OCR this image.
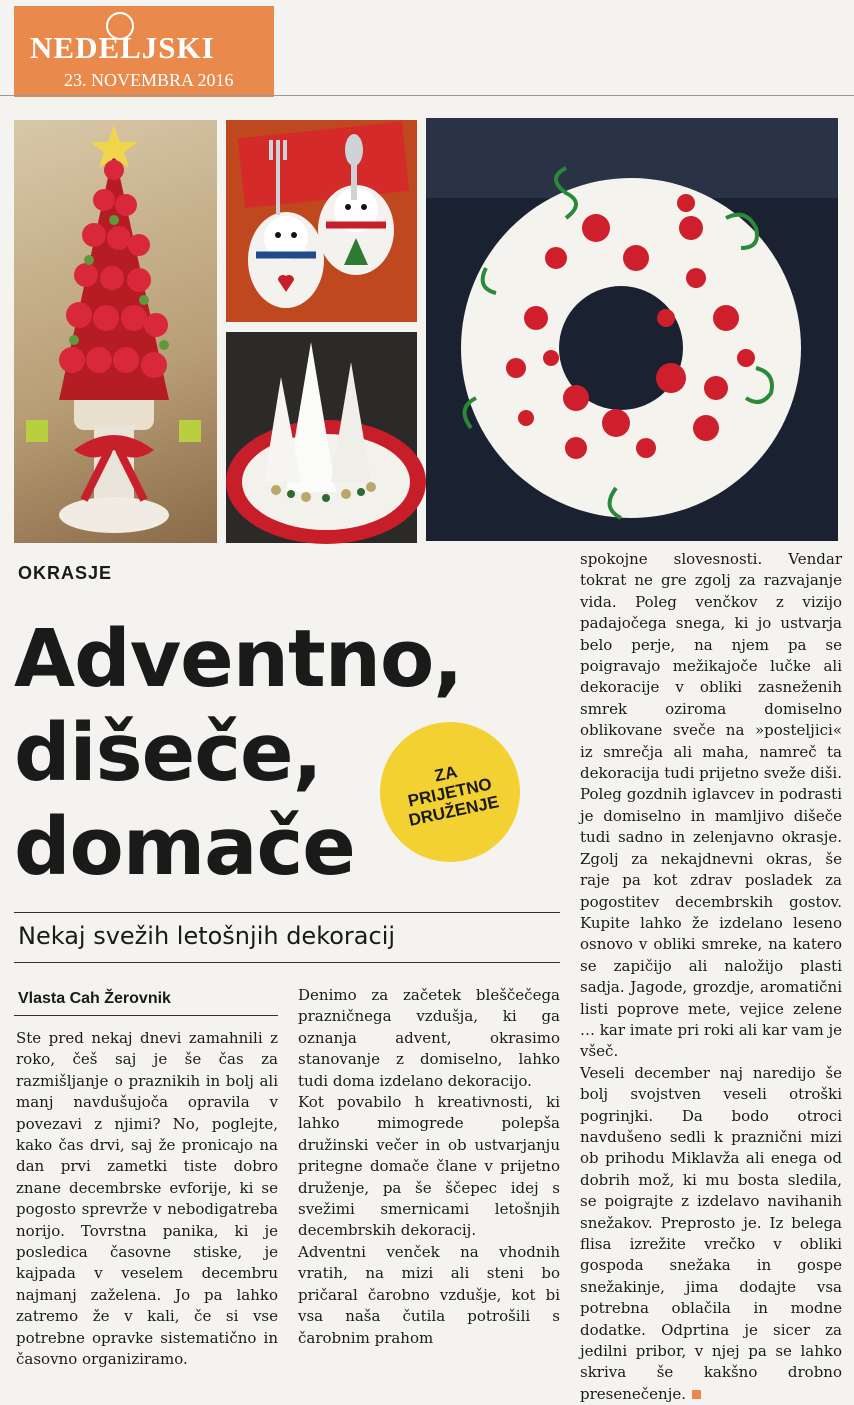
NEDELJSKI
23. NOVEMBRA 2016
OKRASJE
Adventno,
dišeče,
domače
ZA
PRIJETNO
DRUŽENJE
Nekaj svežih letošnjih dekoracij
Vlasta Cah Žerovnik
Ste pred nekaj dnevi zamahnili z roko, češ saj je še čas za razmišljanje o praznikih in bolj ali manj navdušujoča opravila v povezavi z njimi? No, poglejte, kako čas drvi, saj že pronicajo na dan prvi zametki tiste dobro znane decembrske evforije, ki se pogosto sprevrže v nebodigatreba norijo. Tovrstna panika, ki je posledica časovne stiske, je kajpada v veselem decembru najmanj zaželena. Jo pa lahko zatremo že v kali, če si vse potrebne opravke sistematično in časovno organiziramo.
Denimo za začetek bleščečega prazničnega vzdušja, ki ga oznanja advent, okrasimo stanovanje z domiselno, lahko tudi doma izdelano dekoracijo.
Kot povabilo h kreativnosti, ki lahko mimogrede polepša družinski večer in ob ustvarjanju pritegne domače člane v prijetno druženje, pa še ščepec idej s svežimi smernicami letošnjih decembrskih dekoracij.
Adventni venček na vhodnih vratih, na mizi ali steni bo pričaral čarobno vzdušje, kot bi vsa naša čutila potrošili s čarobnim prahom
spokojne slovesnosti. Vendar tokrat ne gre zgolj za razvajanje vida. Poleg venčkov z vizijo padajočega snega, ki jo ustvarja belo perje, na njem pa se poigravajo mežikajoče lučke ali dekoracije v obliki zasneženih smrek oziroma domiselno oblikovane sveče na »posteljici« iz smrečja ali maha, namreč ta dekoracija tudi prijetno sveže diši.
Poleg gozdnih iglavcev in podrasti je domiselno in mamljivo dišeče tudi sadno in zelenjavno okrasje. Zgolj za nekajdnevni okras, še raje pa kot zdrav posladek za pogostitev decembrskih gostov. Kupite lahko že izdelano leseno osnovo v obliki smreke, na katero se zapičijo ali naložijo plasti sadja. Jagode, grozdje, aromatični listi poprove mete, vejice zelene … kar imate pri roki ali kar vam je všeč.
Veseli december naj naredijo še bolj svojstven veseli otroški pogrinjki. Da bodo otroci navdušeno sedli k praznični mizi ob prihodu Miklavža ali enega od dobrih mož, ki mu bosta sledila, se poigrajte z izdelavo navihanih snežakov. Preprosto je. Iz belega flisa izrežite vrečko v obliki gospoda snežaka in gospe snežakinje, jima dodajte vsa potrebna oblačila in modne dodatke. Odprtina je sicer za jedilni pribor, v njej pa se lahko skriva še kakšno drobno presenečenje.
